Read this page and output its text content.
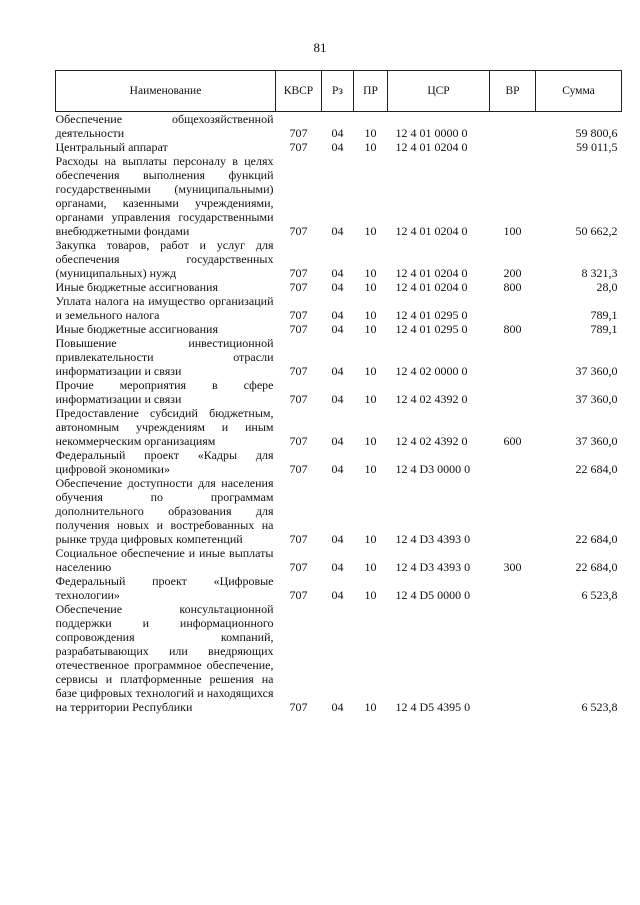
81
Наименование	КВСР	Рз	ПР	ЦСР	ВР	Сумма
Обеспечение общехозяйственной деятельности	707	04	10	12 4 01 0000 0		59 800,6
Центральный аппарат	707	04	10	12 4 01 0204 0		59 011,5
Расходы на выплаты персоналу в целях обеспечения выполнения функций государственными (муниципальными) органами, казенными учреждениями, органами управления государственными внебюджетными фондами	707	04	10	12 4 01 0204 0	100	50 662,2
Закупка товаров, работ и услуг для обеспечения государственных (муниципальных) нужд	707	04	10	12 4 01 0204 0	200	8 321,3
Иные бюджетные ассигнования	707	04	10	12 4 01 0204 0	800	28,0
Уплата налога на имущество организаций и земельного налога	707	04	10	12 4 01 0295 0		789,1
Иные бюджетные ассигнования	707	04	10	12 4 01 0295 0	800	789,1
Повышение инвестиционной привлекательности отрасли информатизации и связи	707	04	10	12 4 02 0000 0		37 360,0
Прочие мероприятия в сфере информатизации и связи	707	04	10	12 4 02 4392 0		37 360,0
Предоставление субсидий бюджетным, автономным учреждениям и иным некоммерческим организациям	707	04	10	12 4 02 4392 0	600	37 360,0
Федеральный проект «Кадры для цифровой экономики»	707	04	10	12 4 D3 0000 0		22 684,0
Обеспечение доступности для населения обучения по программам дополнительного образования для получения новых и востребованных на рынке труда цифровых компетенций	707	04	10	12 4 D3 4393 0		22 684,0
Социальное обеспечение и иные выплаты населению	707	04	10	12 4 D3 4393 0	300	22 684,0
Федеральный проект «Цифровые технологии»	707	04	10	12 4 D5 0000 0		6 523,8
Обеспечение консультационной поддержки и информационного сопровождения компаний, разрабатывающих или внедряющих отечественное программное обеспечение, сервисы и платформенные решения на базе цифровых технологий и находящихся на территории Республики	707	04	10	12 4 D5 4395 0		6 523,8
